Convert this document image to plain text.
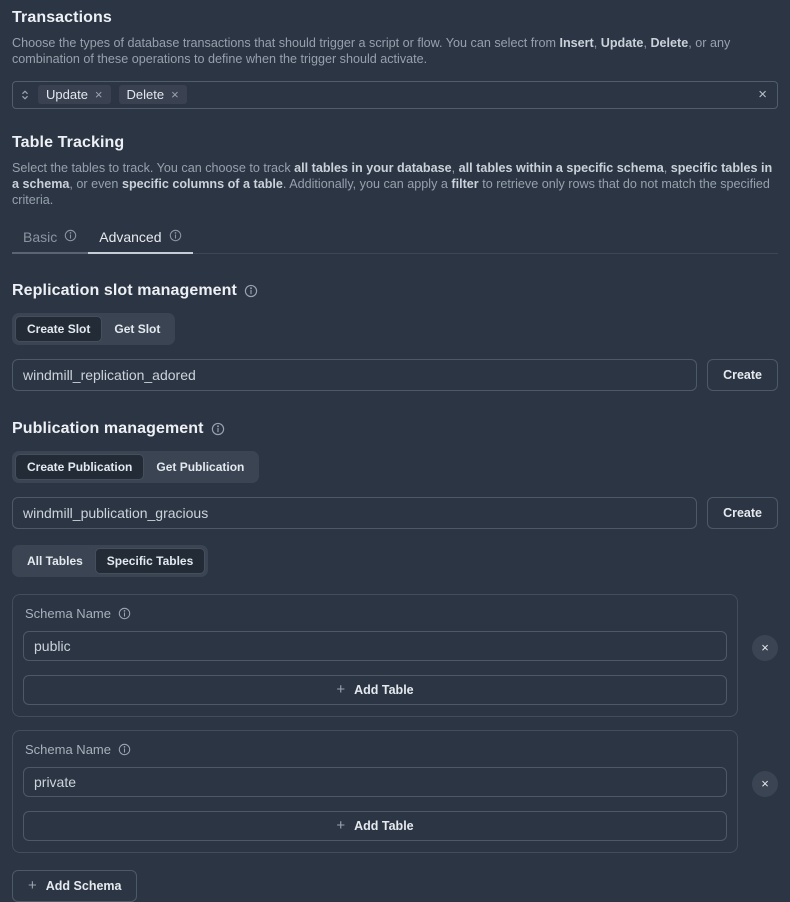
Transactions

Choose the types of database transactions that should trigger a script or flow. You can select from Insert, Update, Delete, or any combination of these operations to define when the trigger should activate.

Update × Delete ×	×
Table Tracking

Select the tables to track. You can choose to track all tables in your database, all tables within a specific schema, specific tables in a schema, or even specific columns of a table. Additionally, you can apply a filter to retrieve only rows that do not match the specified criteria.

Basic	Advanced
Replication slot management
Create Slot	Get Slot
windmill_replication_adored
Create
Publication management
Create Publication	Get Publication
windmill_publication_gracious
Create
All Tables	Specific Tables
Schema Name
public
+ Add Table
×
Schema Name
private
+ Add Table
×
+ Add Schema
